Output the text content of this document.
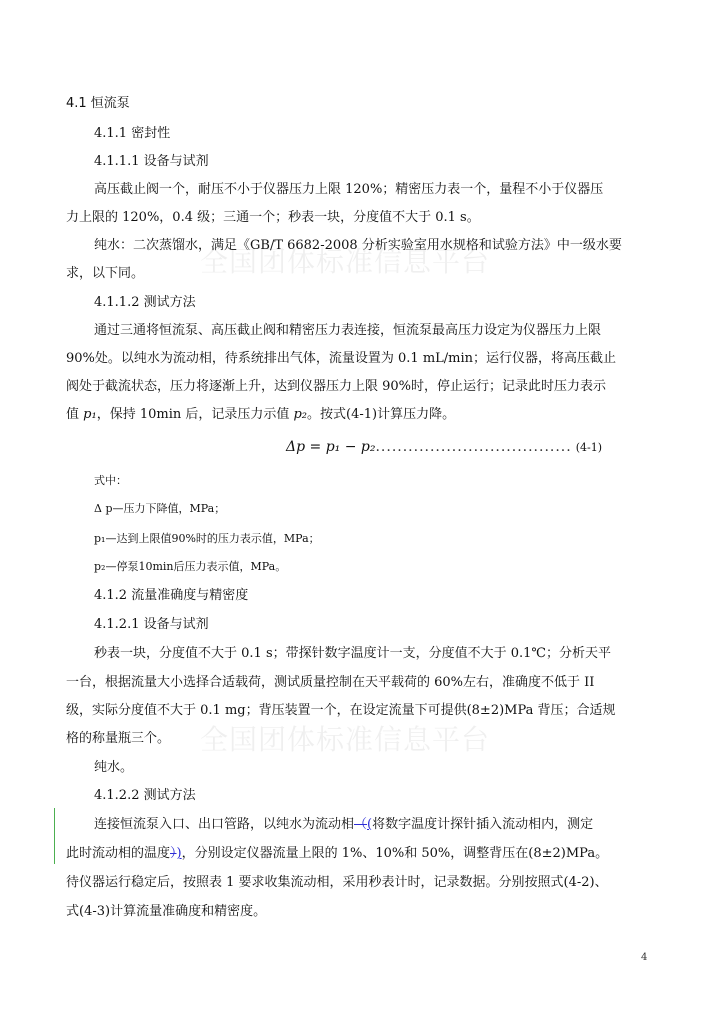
全国团体标准信息平台
全国团体标准信息平台
4.1 恒流泵
4.1.1 密封性
4.1.1.1 设备与试剂
高压截止阀一个，耐压不小于仪器压力上限 120%；精密压力表一个，量程不小于仪器压
力上限的 120%，0.4 级；三通一个；秒表一块，分度值不大于 0.1 s。
纯水：二次蒸馏水，满足《GB/T 6682-2008 分析实验室用水规格和试验方法》中一级水要
求，以下同。
4.1.1.2 测试方法
通过三通将恒流泵、高压截止阀和精密压力表连接，恒流泵最高压力设定为仪器压力上限
90%处。以纯水为流动相，待系统排出气体，流量设置为 0.1 mL/min；运行仪器，将高压截止
阀处于截流状态，压力将逐渐上升，达到仪器压力上限 90%时，停止运行；记录此时压力表示
值 p₁，保持 10min 后，记录压力示值 p₂。按式(4-1)计算压力降。
Δp = p₁ − p₂.................................... (4-1)
式中：
Δ p—压力下降值，MPa；
p₁—达到上限值90%时的压力表示值，MPa；
p₂—停泵10min后压力表示值，MPa。
4.1.2 流量准确度与精密度
4.1.2.1 设备与试剂
秒表一块，分度值不大于 0.1 s；带探针数字温度计一支，分度值不大于 0.1℃；分析天平
一台，根据流量大小选择合适载荷，测试质量控制在天平载荷的 60%左右，准确度不低于 II
级，实际分度值不大于 0.1 mg；背压装置一个，在设定流量下可提供(8±2)MPa 背压；合适规
格的称量瓶三个。
纯水。
4.1.2.2 测试方法
连接恒流泵入口、出口管路，以纯水为流动相（(将数字温度计探针插入流动相内，测定
此时流动相的温度）)，分别设定仪器流量上限的 1%、10%和 50%，调整背压在(8±2)MPa。
待仪器运行稳定后，按照表 1 要求收集流动相，采用秒表计时，记录数据。分别按照式(4-2)、
式(4-3)计算流量准确度和精密度。
4
